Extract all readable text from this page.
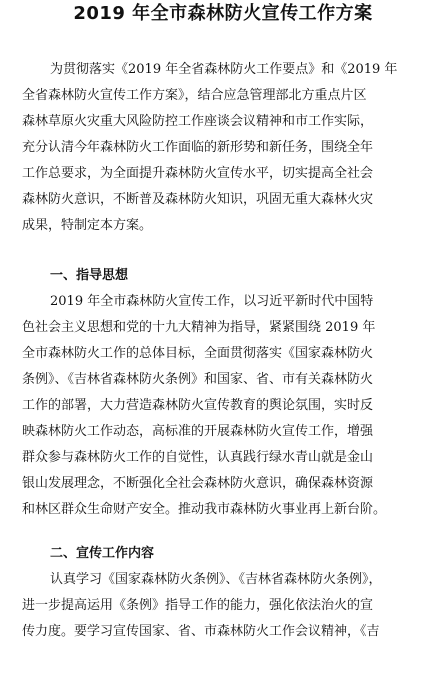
2019 年全市森林防火宣传工作方案
为贯彻落实《2019 年全省森林防火工作要点》和《2019 年
全省森林防火宣传工作方案》，结合应急管理部北方重点片区
森林草原火灾重大风险防控工作座谈会议精神和市工作实际，
充分认清今年森林防火工作面临的新形势和新任务，围绕全年
工作总要求，为全面提升森林防火宣传水平，切实提高全社会
森林防火意识，不断普及森林防火知识，巩固无重大森林火灾
成果，特制定本方案。
一、指导思想
2019 年全市森林防火宣传工作，以习近平新时代中国特
色社会主义思想和党的十九大精神为指导，紧紧围绕 2019 年
全市森林防火工作的总体目标，全面贯彻落实《国家森林防火
条例》、《吉林省森林防火条例》和国家、省、市有关森林防火
工作的部署，大力营造森林防火宣传教育的舆论氛围，实时反
映森林防火工作动态，高标准的开展森林防火宣传工作，增强
群众参与森林防火工作的自觉性，认真践行绿水青山就是金山
银山发展理念，不断强化全社会森林防火意识，确保森林资源
和林区群众生命财产安全。推动我市森林防火事业再上新台阶。
二、宣传工作内容
认真学习《国家森林防火条例》、《吉林省森林防火条例》，
进一步提高运用《条例》指导工作的能力，强化依法治火的宣
传力度。要学习宣传国家、省、市森林防火工作会议精神，《吉
